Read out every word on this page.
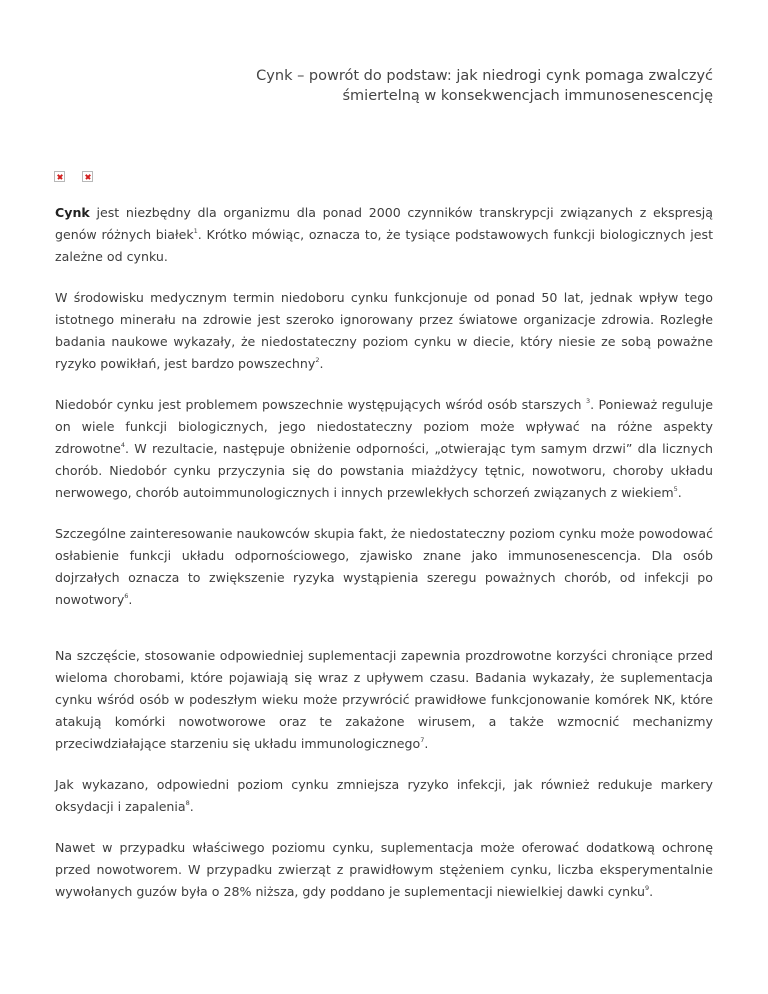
Cynk – powrót do podstaw: jak niedrogi cynk pomaga zwalczyć
śmiertelną w konsekwencjach immunosenescencję

Cynk jest niezbędny dla organizmu dla ponad 2000 czynników transkrypcji związanych z ekspresją genów różnych białek$^1$. Krótko mówiąc, oznacza to, że tysiące podstawowych funkcji biologicznych jest zależne od cynku.

W środowisku medycznym termin niedoboru cynku funkcjonuje od ponad 50 lat, jednak wpływ tego istotnego minerału na zdrowie jest szeroko ignorowany przez światowe organizacje zdrowia. Rozległe badania naukowe wykazały, że niedostateczny poziom cynku w diecie, który niesie ze sobą poważne ryzyko powikłań, jest bardzo powszechny$^2$.

Niedobór cynku jest problemem powszechnie występujących wśród osób starszych $^3$. Ponieważ reguluje on wiele funkcji biologicznych, jego niedostateczny poziom może wpływać na różne aspekty zdrowotne$^4$. W rezultacie, następuje obniżenie odporności, „otwierając tym samym drzwi” dla licznych chorób. Niedobór cynku przyczynia się do powstania miażdżycy tętnic, nowotworu, choroby układu nerwowego, chorób autoimmunologicznych i innych przewlekłych schorzeń związanych z wiekiem$^5$.

Szczególne zainteresowanie naukowców skupia fakt, że niedostateczny poziom cynku może powodować osłabienie funkcji układu odpornościowego, zjawisko znane jako immunosenescencja. Dla osób dojrzałych oznacza to zwiększenie ryzyka wystąpienia szeregu poważnych chorób, od infekcji po nowotwory$^6$.

Na szczęście, stosowanie odpowiedniej suplementacji zapewnia prozdrowotne korzyści chroniące przed wieloma chorobami, które pojawiają się wraz z upływem czasu. Badania wykazały, że suplementacja cynku wśród osób w podeszłym wieku może przywrócić prawidłowe funkcjonowanie komórek NK, które atakują komórki nowotworowe oraz te zakażone wirusem, a także wzmocnić mechanizmy przeciwdziałające starzeniu się układu immunologicznego$^7$.

Jak wykazano, odpowiedni poziom cynku zmniejsza ryzyko infekcji, jak również redukuje markery oksydacji i zapalenia$^8$.

Nawet w przypadku właściwego poziomu cynku, suplementacja może oferować dodatkową ochronę przed nowotworem. W przypadku zwierząt z prawidłowym stężeniem cynku, liczba eksperymentalnie wywołanych guzów była o 28% niższa, gdy poddano je suplementacji niewielkiej dawki cynku$^9$.
